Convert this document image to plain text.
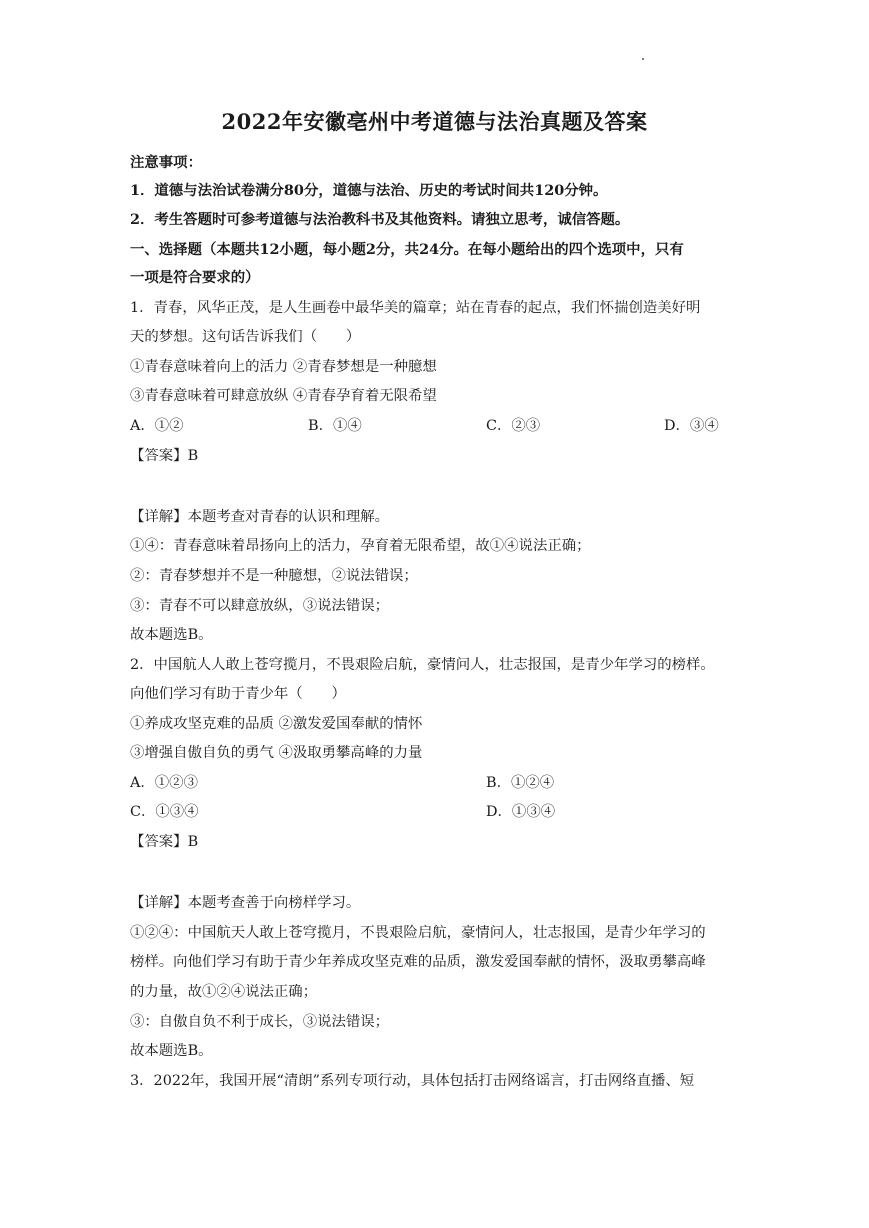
2022年安徽亳州中考道德与法治真题及答案
注意事项：
1．道德与法治试卷满分80分，道德与法治、历史的考试时间共120分钟。
2．考生答题时可参考道德与法治教科书及其他资料。请独立思考，诚信答题。
一、选择题（本题共12小题，每小题2分，共24分。在每小题给出的四个选项中，只有
一项是符合要求的）
1．青春，风华正茂，是人生画卷中最华美的篇章；站在青春的起点，我们怀揣创造美好明
天的梦想。这句话告诉我们（　　）
①青春意味着向上的活力 ②青春梦想是一种臆想
③青春意味着可肆意放纵 ④青春孕育着无限希望
A．①②	B．①④	C．②③	D．③④
【答案】B
【详解】本题考查对青春的认识和理解。
①④：青春意味着昂扬向上的活力，孕育着无限希望，故①④说法正确；
②：青春梦想并不是一种臆想，②说法错误；
③：青春不可以肆意放纵，③说法错误；
故本题选B。
2．中国航人人敢上苍穹揽月，不畏艰险启航，豪情问人，壮志报国，是青少年学习的榜样。
向他们学习有助于青少年（　　）
①养成攻坚克难的品质 ②激发爱国奉献的情怀
③增强自傲自负的勇气 ④汲取勇攀高峰的力量
A．①②③	B．①②④
C．①③④	D．①③④
【答案】B
【详解】本题考查善于向榜样学习。
①②④：中国航天人敢上苍穹揽月，不畏艰险启航，豪情问人，壮志报国，是青少年学习的
榜样。向他们学习有助于青少年养成攻坚克难的品质，激发爱国奉献的情怀，汲取勇攀高峰
的力量，故①②④说法正确；
③：自傲自负不利于成长，③说法错误；
故本题选B。
3．2022年，我国开展“清朗”系列专项行动，具体包括打击网络谣言，打击网络直播、短
